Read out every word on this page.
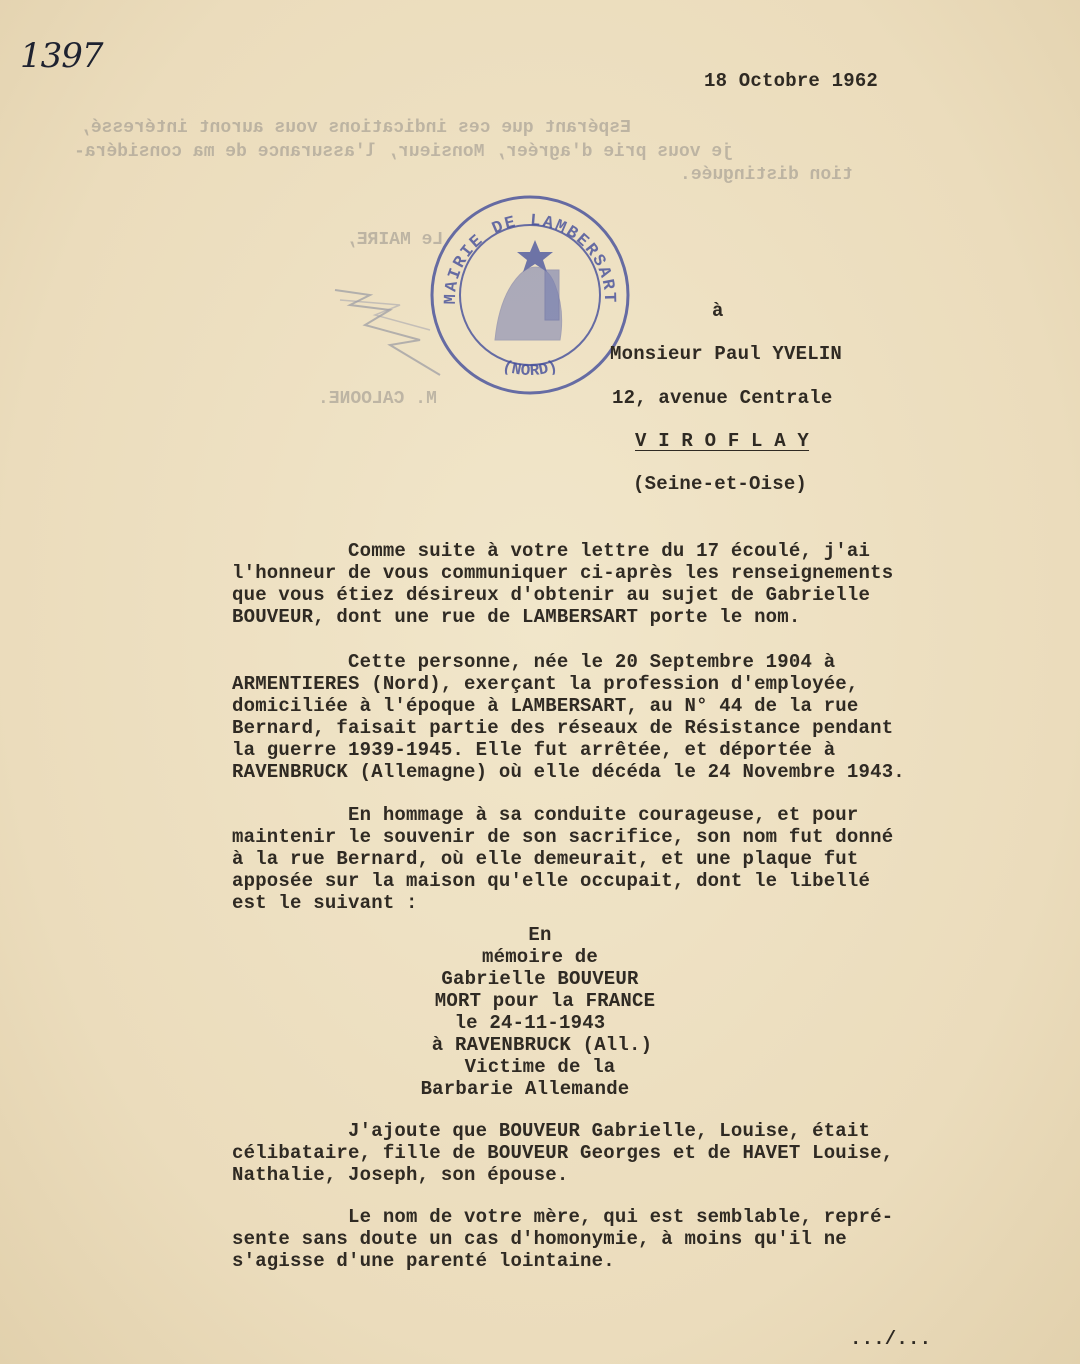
1397
18 Octobre 1962
Espérant que ces indications vous auront intéressé,
je vous prie d'agréer, Monsieur, l'assurance de ma considéra-
tion distinguée.
Le MAIRE,
M. CALOONE.
MAIRIE DE LAMBERSART
(NORD)
à
Monsieur Paul YVELIN
12, avenue Centrale
V I R O F L A Y
(Seine-et-Oise)
Comme suite à votre lettre du 17 écoulé, j'ai
l'honneur de vous communiquer ci-après les renseignements
que vous étiez désireux d'obtenir au sujet de Gabrielle
BOUVEUR, dont une rue de LAMBERSART porte le nom.
Cette personne, née le 20 Septembre 1904 à
ARMENTIERES (Nord), exerçant la profession d'employée,
domiciliée à l'époque à LAMBERSART, au N° 44 de la rue
Bernard, faisait partie des réseaux de Résistance pendant
la guerre 1939-1945. Elle fut arrêtée, et déportée à
RAVENBRUCK (Allemagne) où elle décéda le 24 Novembre 1943.
En hommage à sa conduite courageuse, et pour
maintenir le souvenir de son sacrifice, son nom fut donné
à la rue Bernard, où elle demeurait, et une plaque fut
apposée sur la maison qu'elle occupait, dont le libellé
est le suivant :
En
mémoire de
Gabrielle BOUVEUR
MORT pour la FRANCE
le 24-11-1943
à RAVENBRUCK (All.)
Victime de la
Barbarie Allemande
J'ajoute que BOUVEUR Gabrielle, Louise, était
célibataire, fille de BOUVEUR Georges et de HAVET Louise,
Nathalie, Joseph, son épouse.
Le nom de votre mère, qui est semblable, repré-
sente sans doute un cas d'homonymie, à moins qu'il ne
s'agisse d'une parenté lointaine.
.../...
